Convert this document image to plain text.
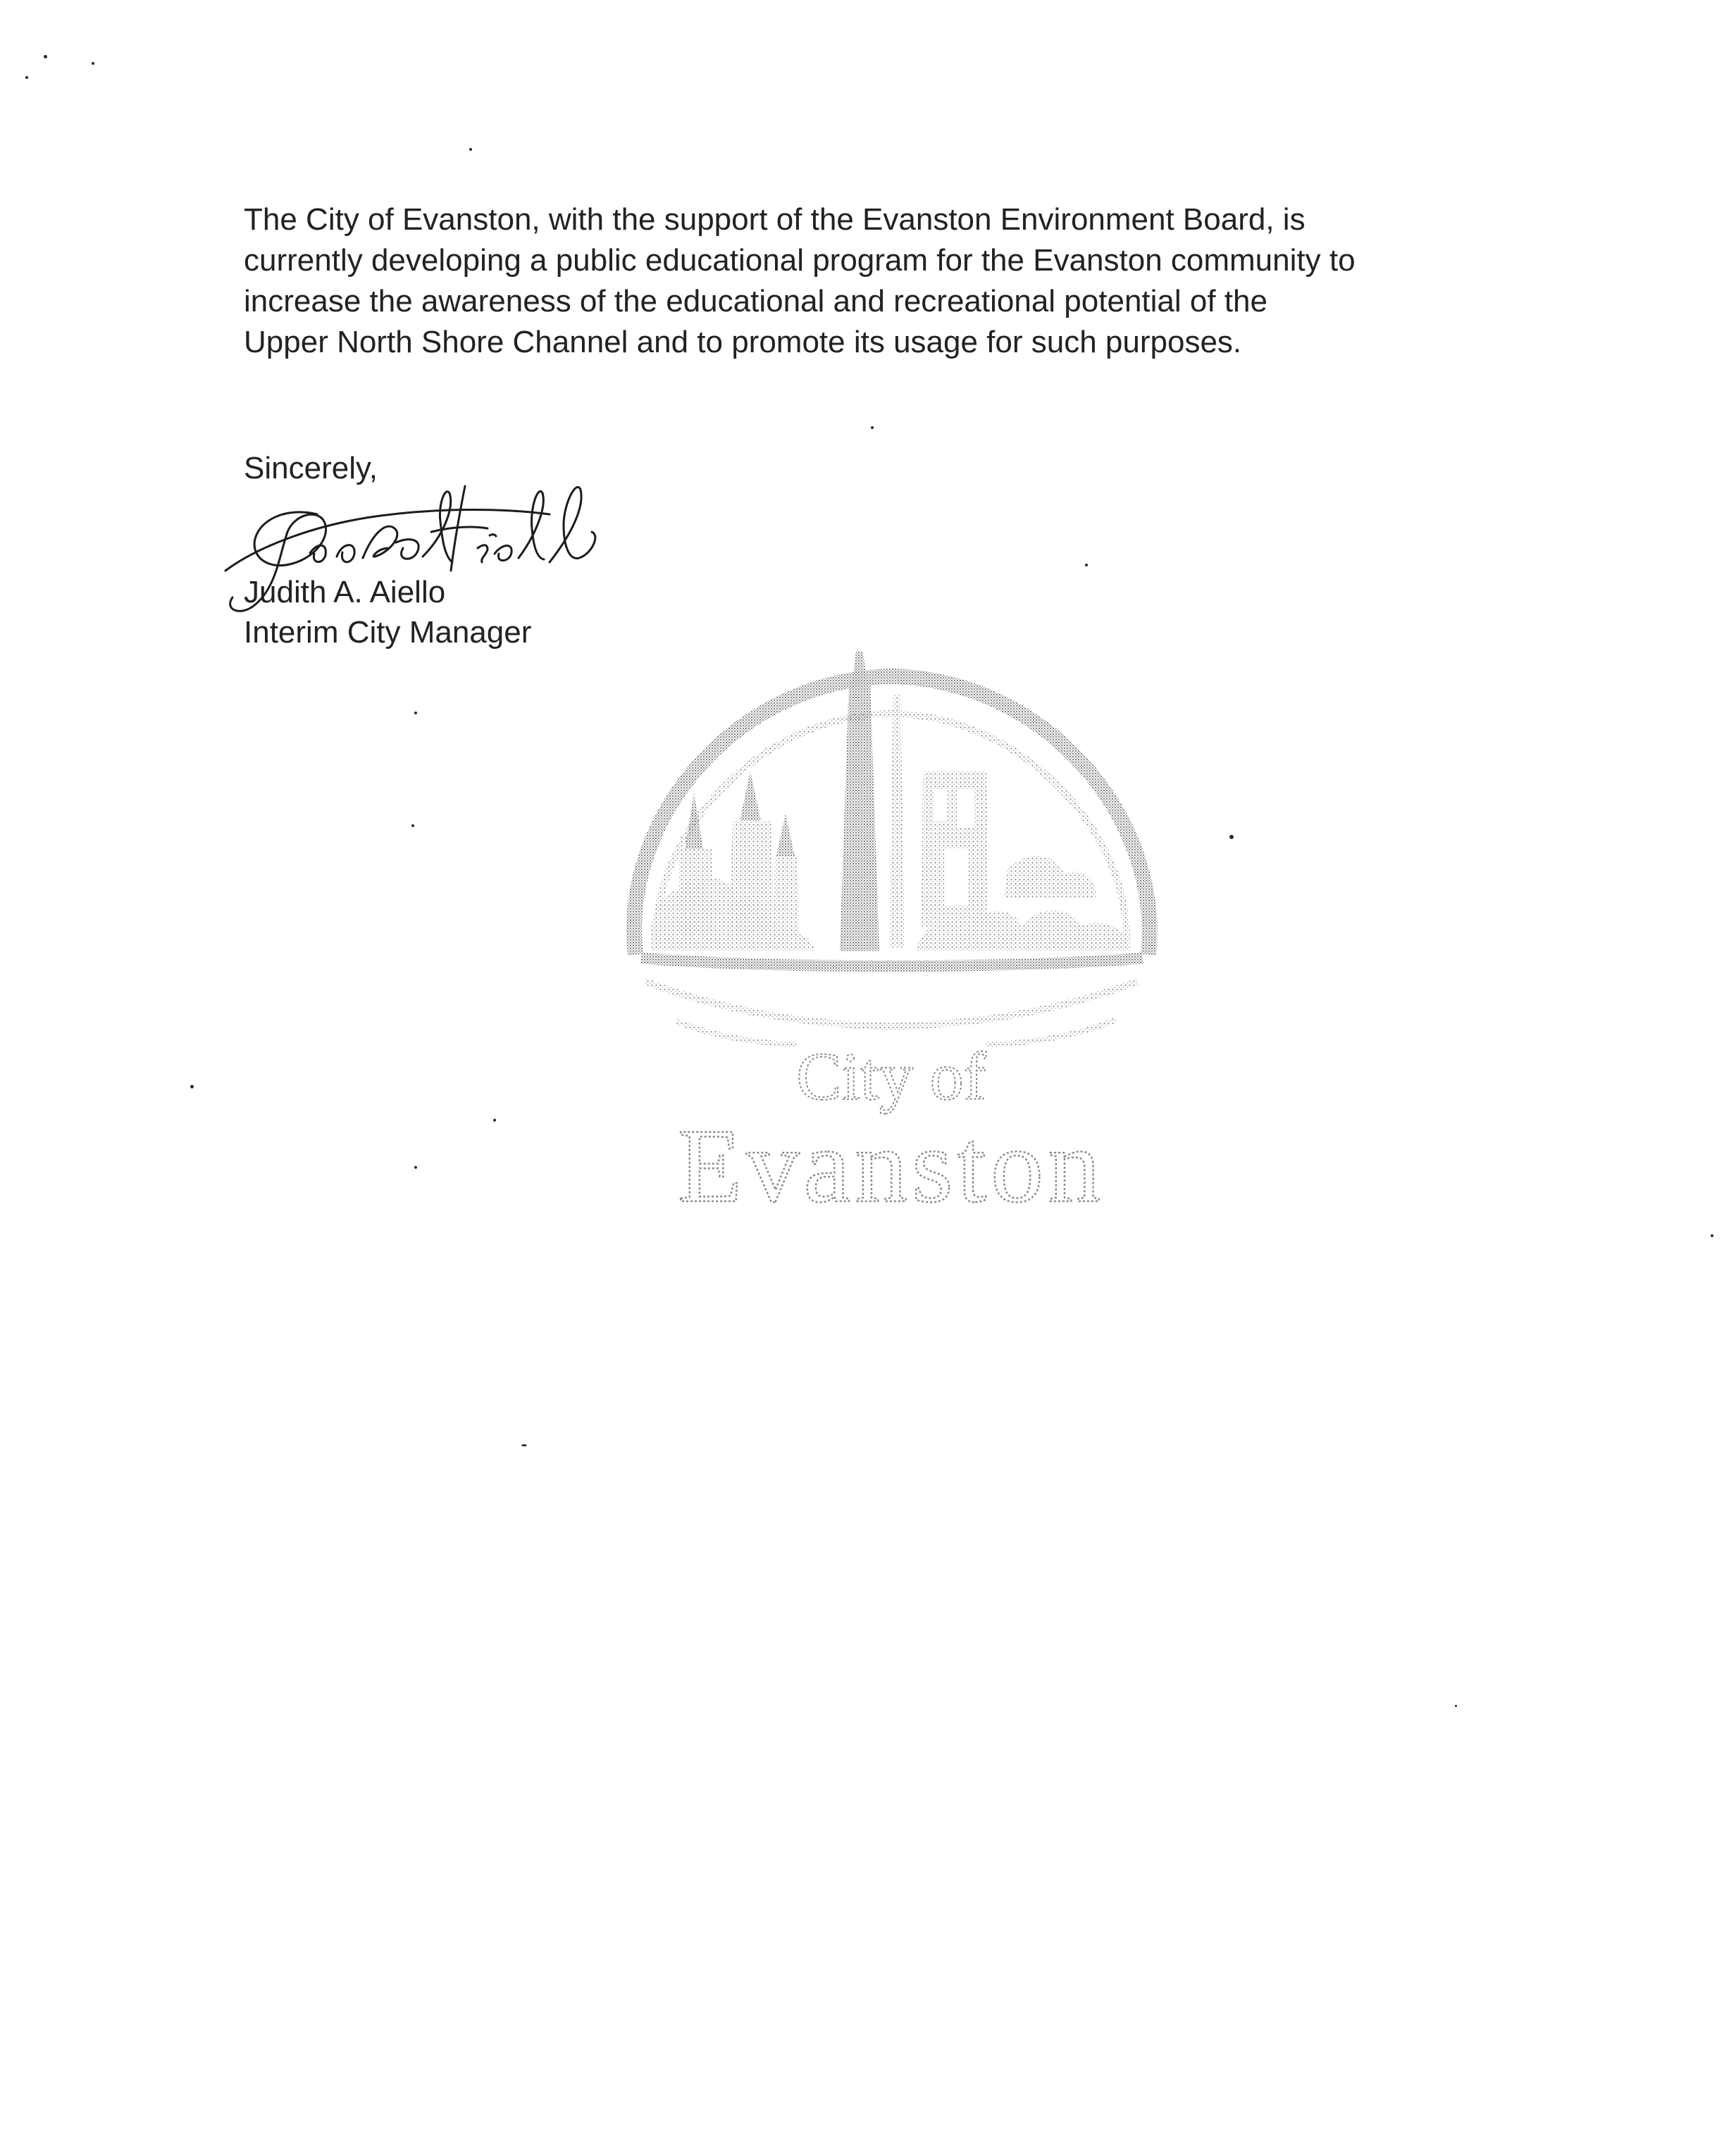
The City of Evanston, with the support of the Evanston Environment Board, is
currently developing a public educational program for the Evanston community to
increase the awareness of the educational and recreational potential of the
Upper North Shore Channel and to promote its usage for such purposes.

Sincerely,

Judith A. Aiello

Interim City Manager

City of
Evanston
